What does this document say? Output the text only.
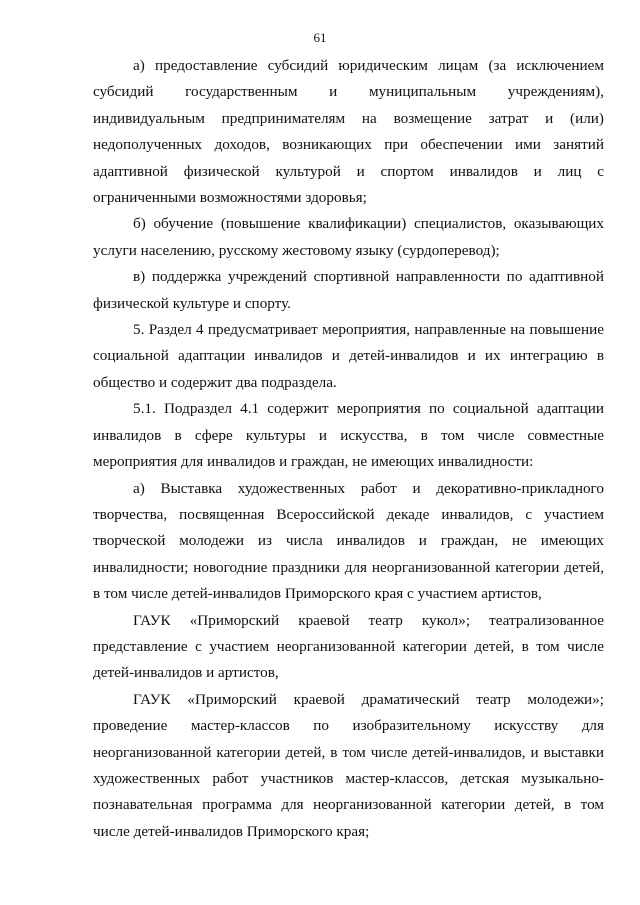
61

а) предоставление субсидий юридическим лицам (за исключением субсидий государственным и муниципальным учреждениям), индивидуальным предпринимателям на возмещение затрат и (или) недополученных доходов, возникающих при обеспечении ими занятий адаптивной физической культурой и спортом инвалидов и лиц с ограниченными возможностями здоровья;

б) обучение (повышение квалификации) специалистов, оказывающих услуги населению, русскому жестовому языку (сурдоперевод);

в) поддержка учреждений спортивной направленности по адаптивной физической культуре и спорту.

5. Раздел 4 предусматривает мероприятия, направленные на повышение социальной адаптации инвалидов и детей-инвалидов и их интеграцию в общество и содержит два подраздела.

5.1. Подраздел 4.1 содержит мероприятия по социальной адаптации инвалидов в сфере культуры и искусства, в том числе совместные мероприятия для инвалидов и граждан, не имеющих инвалидности:

а) Выставка художественных работ и декоративно-прикладного творчества, посвященная Всероссийской декаде инвалидов, с участием творческой молодежи из числа инвалидов и граждан, не имеющих инвалидности; новогодние праздники для неорганизованной категории детей, в том числе детей-инвалидов Приморского края с участием артистов,

ГАУК «Приморский краевой театр кукол»; театрализованное представление с участием неорганизованной категории детей, в том числе детей-инвалидов и артистов,

ГАУК «Приморский краевой драматический театр молодежи»; проведение мастер-классов по изобразительному искусству для неорганизованной категории детей, в том числе детей-инвалидов, и выставки художественных работ участников мастер-классов, детская музыкально-познавательная программа для неорганизованной категории детей, в том числе детей-инвалидов Приморского края;
